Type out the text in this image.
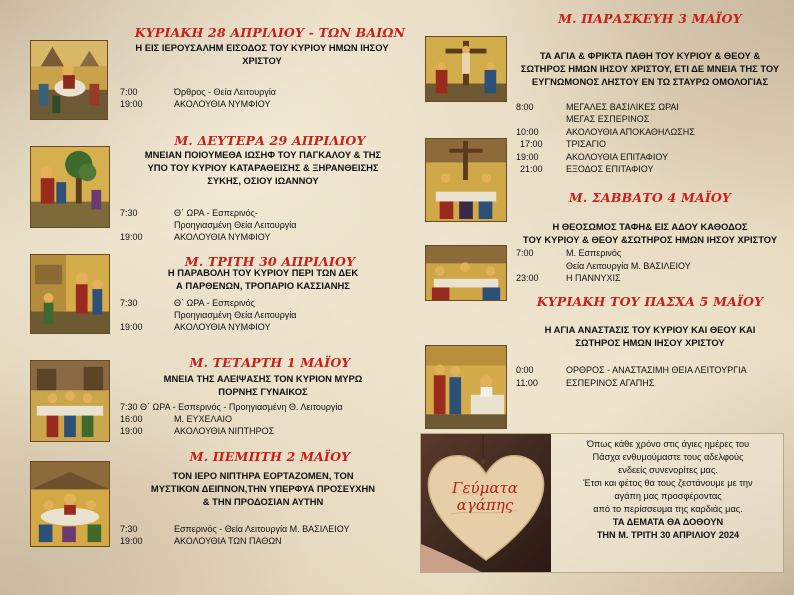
ΚΥΡΙΑΚΗ 28 ΑΠΡΙΛΙΟΥ - ΤΩΝ ΒΑΙΩΝ
Η ΕΙΣ ΙΕΡΟΥΣΑΛΗΜ ΕΙΣΟΔΟΣ ΤΟΥ ΚΥΡΙΟΥ ΗΜΩΝ ΙΗΣΟΥ
ΧΡΙΣΤΟΥ
7:00	Όρθρος - Θεία Λειτουργία
19:00	ΑΚΟΛΟΥΘΙΑ ΝΥΜΦΙΟΥ
Μ. ΔΕΥΤΕΡΑ 29 ΑΠΡΙΛΙΟΥ
ΜΝΕΙΑΝ ΠΟΙΟΥΜΕΘΑ ΙΩΣΗΦ ΤΟΥ ΠΑΓΚΑΛΟΥ & ΤΗΣ
ΥΠΟ ΤΟΥ ΚΥΡΙΟΥ ΚΑΤΑΡΑΘΕΙΣΗΣ & ΞΗΡΑΝΘΕΙΣΗΣ
ΣΥΚΗΣ, ΟΣΙΟΥ ΙΩΑΝΝΟΥ
7:30	Θ΄ ΩΡΑ - Εσπερινός-
Προηγιασμένη Θεία Λειτουργία
19:00	ΑΚΟΛΟΥΘΙΑ ΝΥΜΦΙΟΥ
Μ. ΤΡΙΤΗ 30 ΑΠΡΙΛΙΟΥ
Η ΠΑΡΑΒΟΛΗ ΤΟΥ ΚΥΡΙΟΥ ΠΕΡΙ ΤΩΝ ΔΕΚ
Α ΠΑΡΘΕΝΩΝ, ΤΡΟΠΑΡΙΟ ΚΑΣΣΙΑΝΗΣ
7:30	Θ΄ ΩΡΑ - Εσπερινός
Προηγιασμένη Θεία Λειτουργία
19:00	ΑΚΟΛΟΥΘΙΑ ΝΥΜΦΙΟΥ
Μ. ΤΕΤΑΡΤΗ 1 ΜΑΪΟΥ
ΜΝΕΙΑ ΤΗΣ ΑΛΕΙΨΑΣΗΣ ΤΟΝ ΚΥΡΙΟΝ ΜΥΡΩ
ΠΟΡΝΗΣ ΓΥΝΑΙΚΟΣ
7:30 Θ΄ ΩΡΑ - Εσπερινός - Προηγιασμένη Θ. Λειτουργία
16:00	Μ. ΕΥΧΕΛΑΙΟ
19:00	ΑΚΟΛΟΥΘΙΑ ΝΙΠΤΗΡΟΣ
Μ. ΠΕΜΠΤΗ 2 ΜΑΪΟΥ
ΤΟΝ ΙΕΡΟ ΝΙΠΤΗΡΑ ΕΟΡΤΑΖΟΜΕΝ, ΤΟΝ
ΜΥΣΤΙΚΟΝ ΔΕΙΠΝΟΝ,ΤΗΝ ΥΠΕΡΦΥΑ ΠΡΟΣΕΥΧΗΝ
& ΤΗΝ ΠΡΟΔΟΣΙΑΝ ΑΥΤΗΝ
7:30	Εσπερινός - Θεία Λειτουργία Μ. ΒΑΣΙΛΕΙΟΥ
19:00	ΑΚΟΛΟΥΘΙΑ ΤΩΝ ΠΑΘΩΝ
Μ. ΠΑΡΑΣΚΕΥΗ 3 ΜΑΪΟΥ
ΤΑ ΑΓΙΑ & ΦΡΙΚΤΑ ΠΑΘΗ ΤΟΥ ΚΥΡΙΟΥ & ΘΕΟΥ &
ΣΩΤΗΡΟΣ ΗΜΩΝ ΙΗΣΟΥ ΧΡΙΣΤΟΥ, ΕΤΙ ΔΕ ΜΝΕΙΑ ΤΗΣ ΤΟΥ
ΕΥΓΝΩΜΟΝΟΣ ΛΗΣΤΟΥ ΕΝ ΤΩ ΣΤΑΥΡΩ ΟΜΟΛΟΓΙΑΣ
8:00	ΜΕΓΑΛΕΣ ΒΑΣΙΛΙΚΕΣ ΩΡΑΙ
ΜΕΓΑΣ ΕΣΠΕΡΙΝΟΣ
10:00	ΑΚΟΛΟΥΘΙΑ ΑΠΟΚΑΘΗΛΩΣΗΣ
17:00	ΤΡΙΣΑΓΙΟ
19:00	ΑΚΟΛΟΥΘΙΑ ΕΠΙΤΑΦΙΟΥ
21:00	ΕΞΟΔΟΣ ΕΠΙΤΑΦΙΟΥ
Μ. ΣΑΒΒΑΤΟ 4 ΜΑΪΟΥ
Η ΘΕΟΣΩΜΟΣ ΤΑΦΗ& ΕΙΣ ΑΔΟΥ ΚΑΘΟΔΟΣ
ΤΟΥ ΚΥΡΙΟΥ & ΘΕΟΥ &ΣΩΤΗΡΟΣ ΗΜΩΝ ΙΗΣΟΥ ΧΡΙΣΤΟΥ
7:00	Μ. Εσπερινός
Θεία Λειτουργία Μ. ΒΑΣΙΛΕΙΟΥ
23:00	Η ΠΑΝΝΥΧΙΣ
ΚΥΡΙΑΚΗ ΤΟΥ ΠΑΣΧΑ 5 ΜΑΪΟΥ
Η ΑΓΙΑ ΑΝΑΣΤΑΣΙΣ ΤΟΥ ΚΥΡΙΟΥ ΚΑΙ ΘΕΟΥ ΚΑΙ
ΣΩΤΗΡΟΣ ΗΜΩΝ ΙΗΣΟΥ ΧΡΙΣΤΟΥ
0:00	ΟΡΘΡΟΣ - ΑΝΑΣΤΑΣΙΜΗ ΘΕΙΑ ΛΕΙΤΟΥΡΓΙΑ
11:00	ΕΣΠΕΡΙΝΟΣ ΑΓΑΠΗΣ
Γεύματα
αγάπης
Όπως κάθε χρόνο στις άγιες ημέρες του
Πάσχα ενθυμούμαστε τους αδελφούς
ενδεείς συνενορίτες μας.
Έτσι και φέτος θα τους ζεστάνουμε με την
αγάπη μας προσφέροντας
από το περίσσευμα της καρδιάς μας.
ΤΑ ΔΕΜΑΤΑ ΘΑ ΔΟΘΟΥΝ
ΤΗΝ Μ. ΤΡΙΤΗ 30 ΑΠΡΙΛΙΟΥ 2024
